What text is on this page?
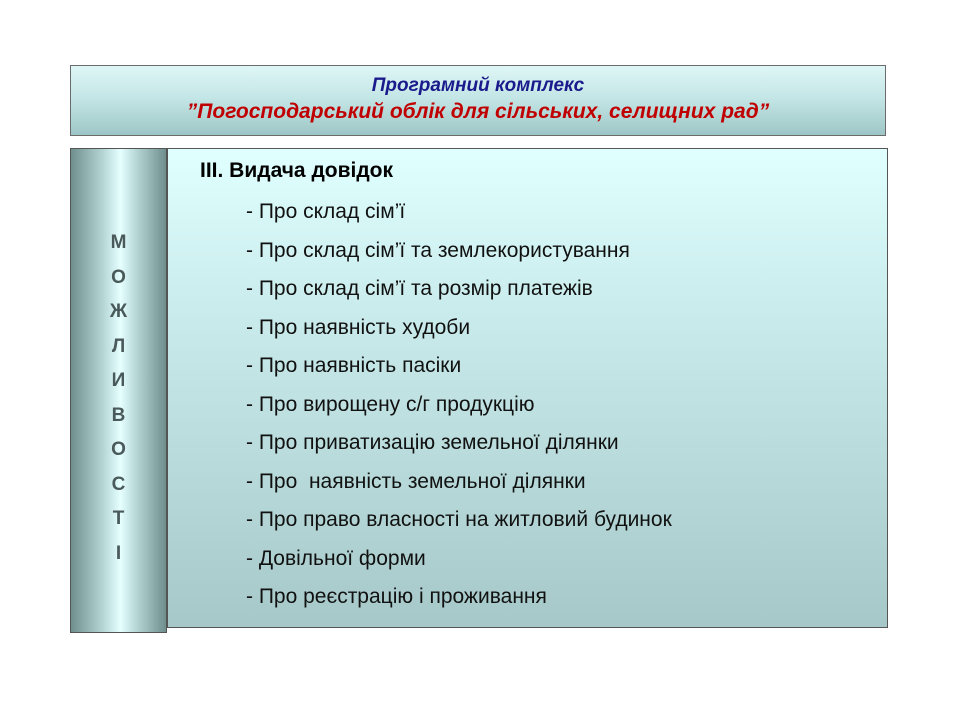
Програмний комплекс
”Погосподарський облік для сільських, селищних рад”
М
О
Ж
Л
И
В
О
С
Т
І
ІІІ. Видача довідок
- Про склад сім’ї
- Про склад сім’ї та землекористування
- Про склад сім’ї та розмір платежів
- Про наявність худоби
- Про наявність пасіки
- Про вирощену с/г продукцію
- Про приватизацію земельної ділянки
- Про  наявність земельної ділянки
- Про право власності на житловий будинок
- Довільної форми
- Про реєстрацію і проживання
